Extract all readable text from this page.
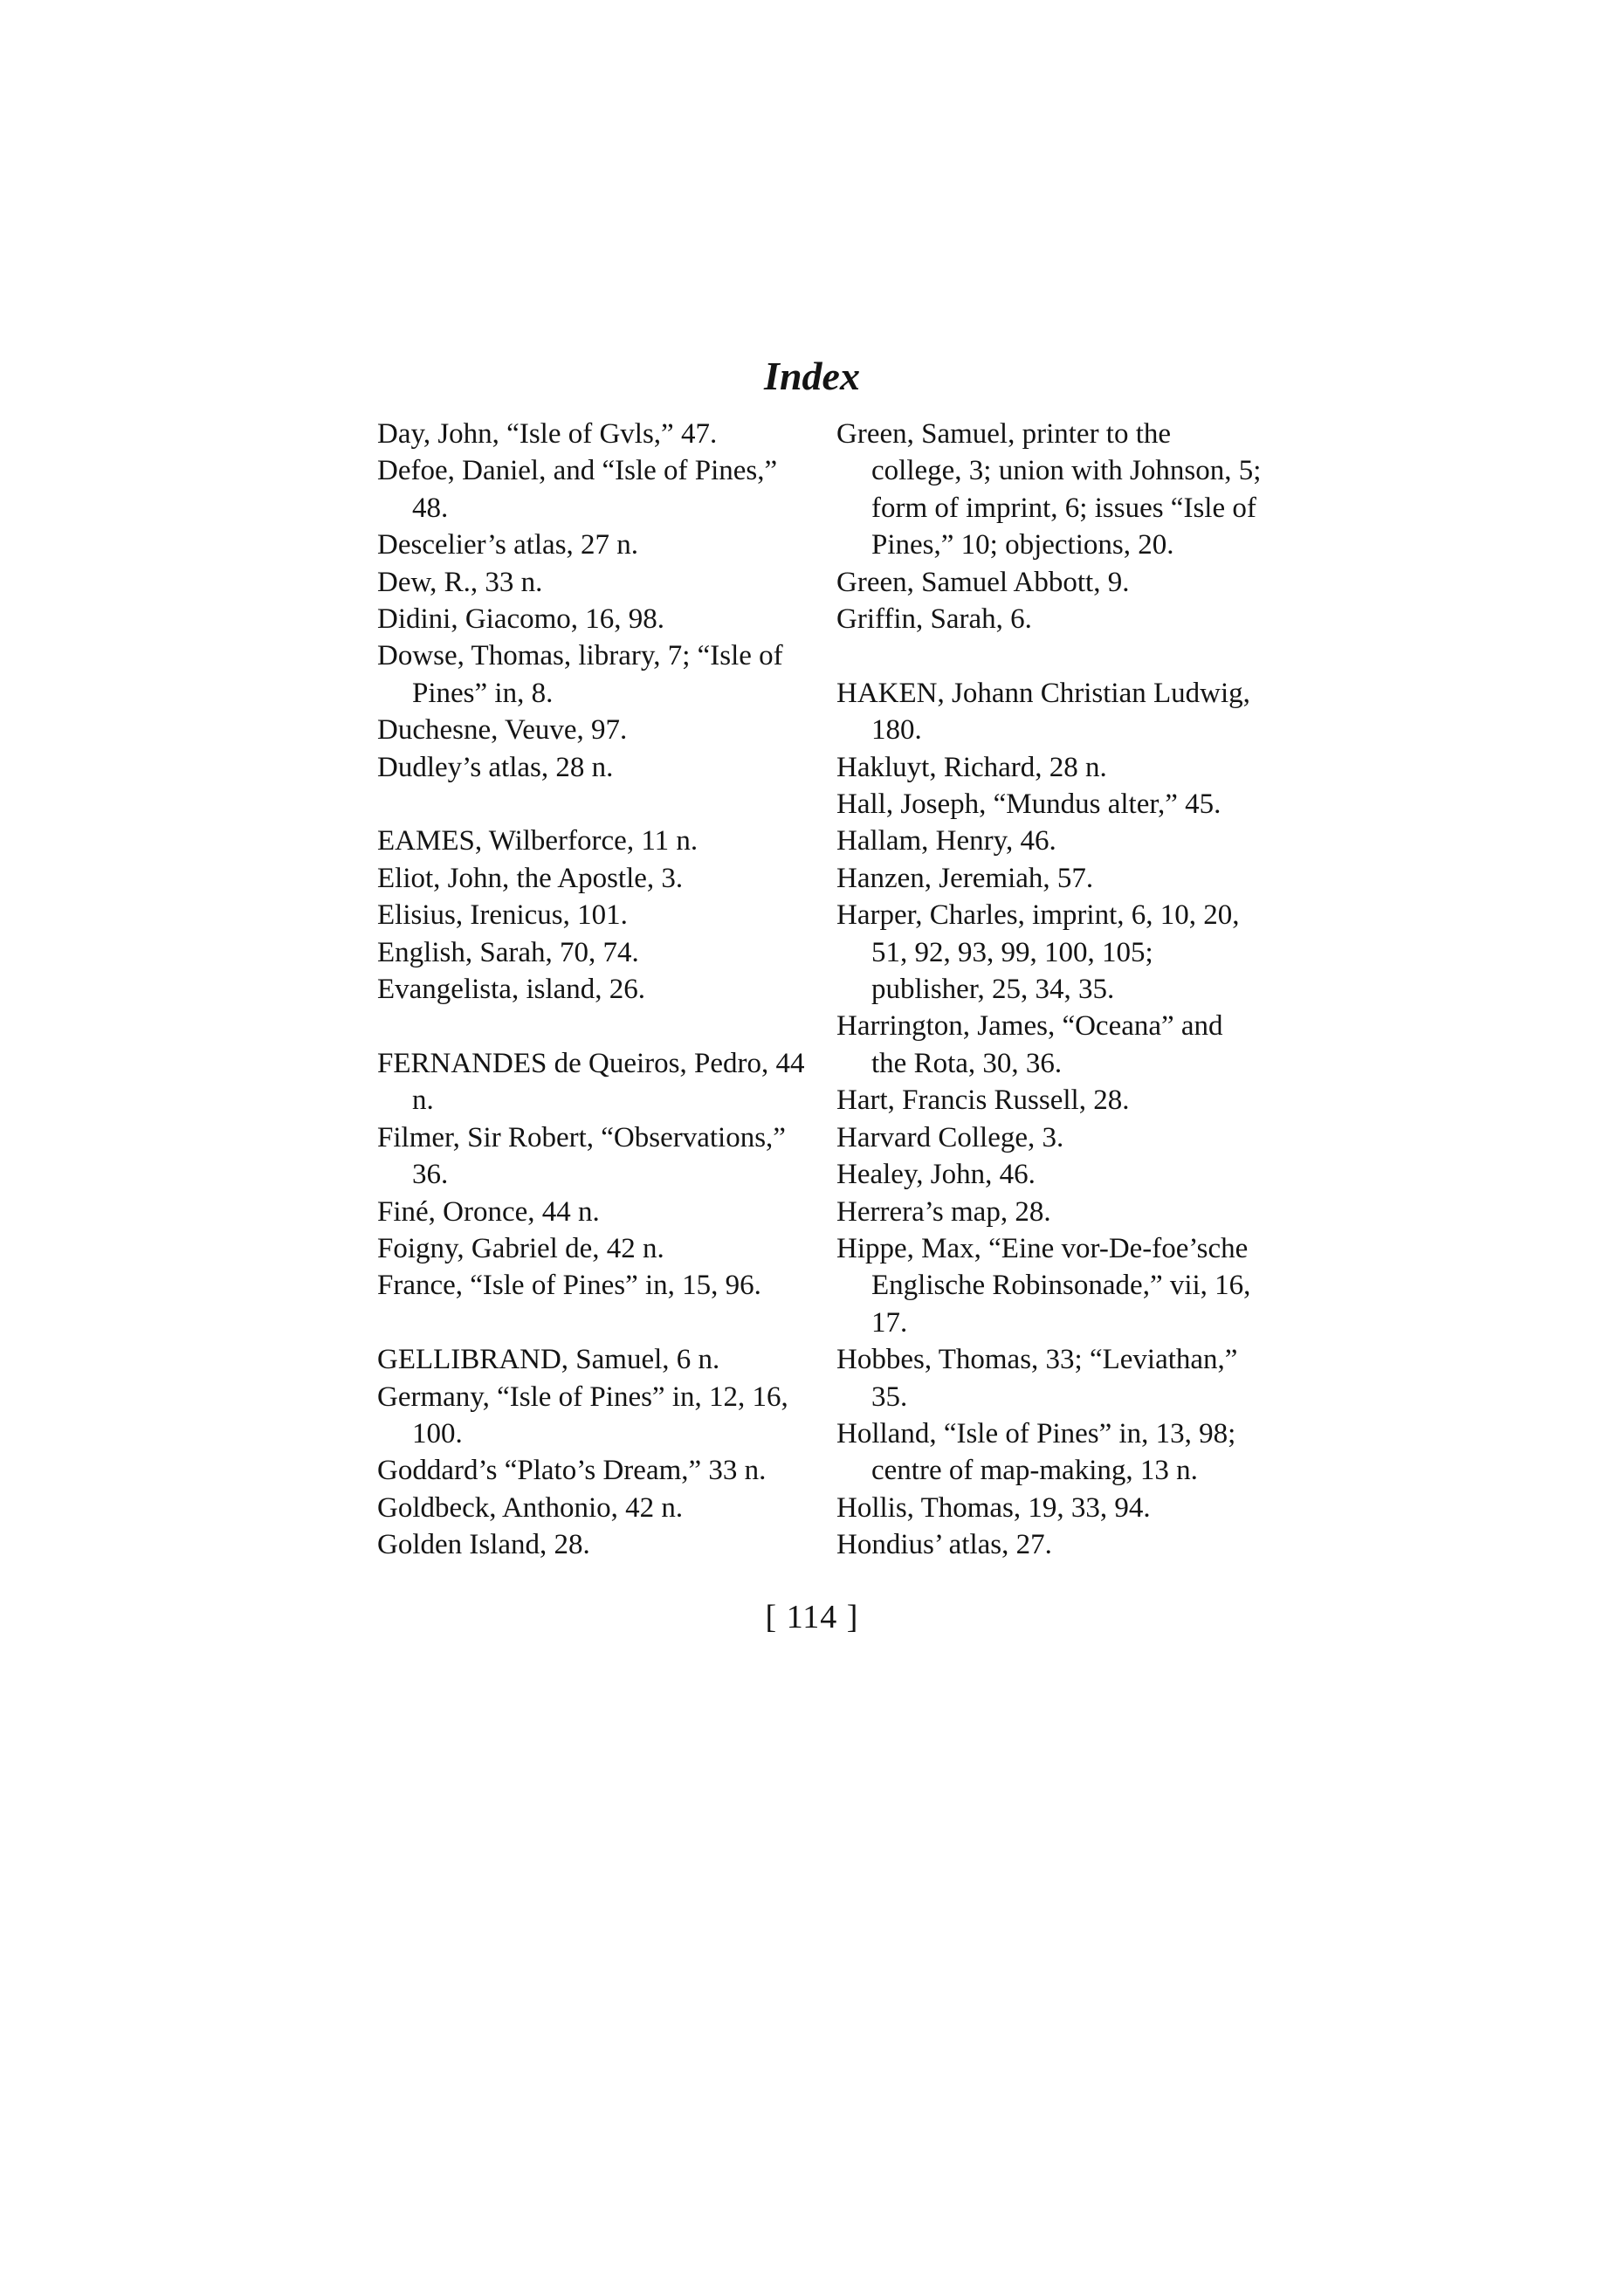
Index

Day, John, “Isle of Gvls,” 47.

Defoe, Daniel, and “Isle of Pines,” 48.

Descelier’s atlas, 27 n.

Dew, R., 33 n.

Didini, Giacomo, 16, 98.

Dowse, Thomas, library, 7; “Isle of Pines” in, 8.

Duchesne, Veuve, 97.

Dudley’s atlas, 28 n.

EAMES, Wilberforce, 11 n.

Eliot, John, the Apostle, 3.

Elisius, Irenicus, 101.

English, Sarah, 70, 74.

Evangelista, island, 26.

FERNANDES de Queiros, Pedro, 44 n.

Filmer, Sir Robert, “Observations,” 36.

Finé, Oronce, 44 n.

Foigny, Gabriel de, 42 n.

France, “Isle of Pines” in, 15, 96.

GELLIBRAND, Samuel, 6 n.

Germany, “Isle of Pines” in, 12, 16, 100.

Goddard’s “Plato’s Dream,” 33 n.

Goldbeck, Anthonio, 42 n.

Golden Island, 28.

Green, Samuel, printer to the college, 3; union with Johnson, 5; form of imprint, 6; issues “Isle of Pines,” 10; objections, 20.

Green, Samuel Abbott, 9.

Griffin, Sarah, 6.

HAKEN, Johann Christian Ludwig, 180.

Hakluyt, Richard, 28 n.

Hall, Joseph, “Mundus alter,” 45.

Hallam, Henry, 46.

Hanzen, Jeremiah, 57.

Harper, Charles, imprint, 6, 10, 20, 51, 92, 93, 99, 100, 105; publisher, 25, 34, 35.

Harrington, James, “Oceana” and the Rota, 30, 36.

Hart, Francis Russell, 28.

Harvard College, 3.

Healey, John, 46.

Herrera’s map, 28.

Hippe, Max, “Eine vor-De-foe’sche Englische Robinsonade,” vii, 16, 17.

Hobbes, Thomas, 33; “Leviathan,” 35.

Holland, “Isle of Pines” in, 13, 98; centre of map-making, 13 n.

Hollis, Thomas, 19, 33, 94.

Hondius’ atlas, 27.

[ 114 ]
